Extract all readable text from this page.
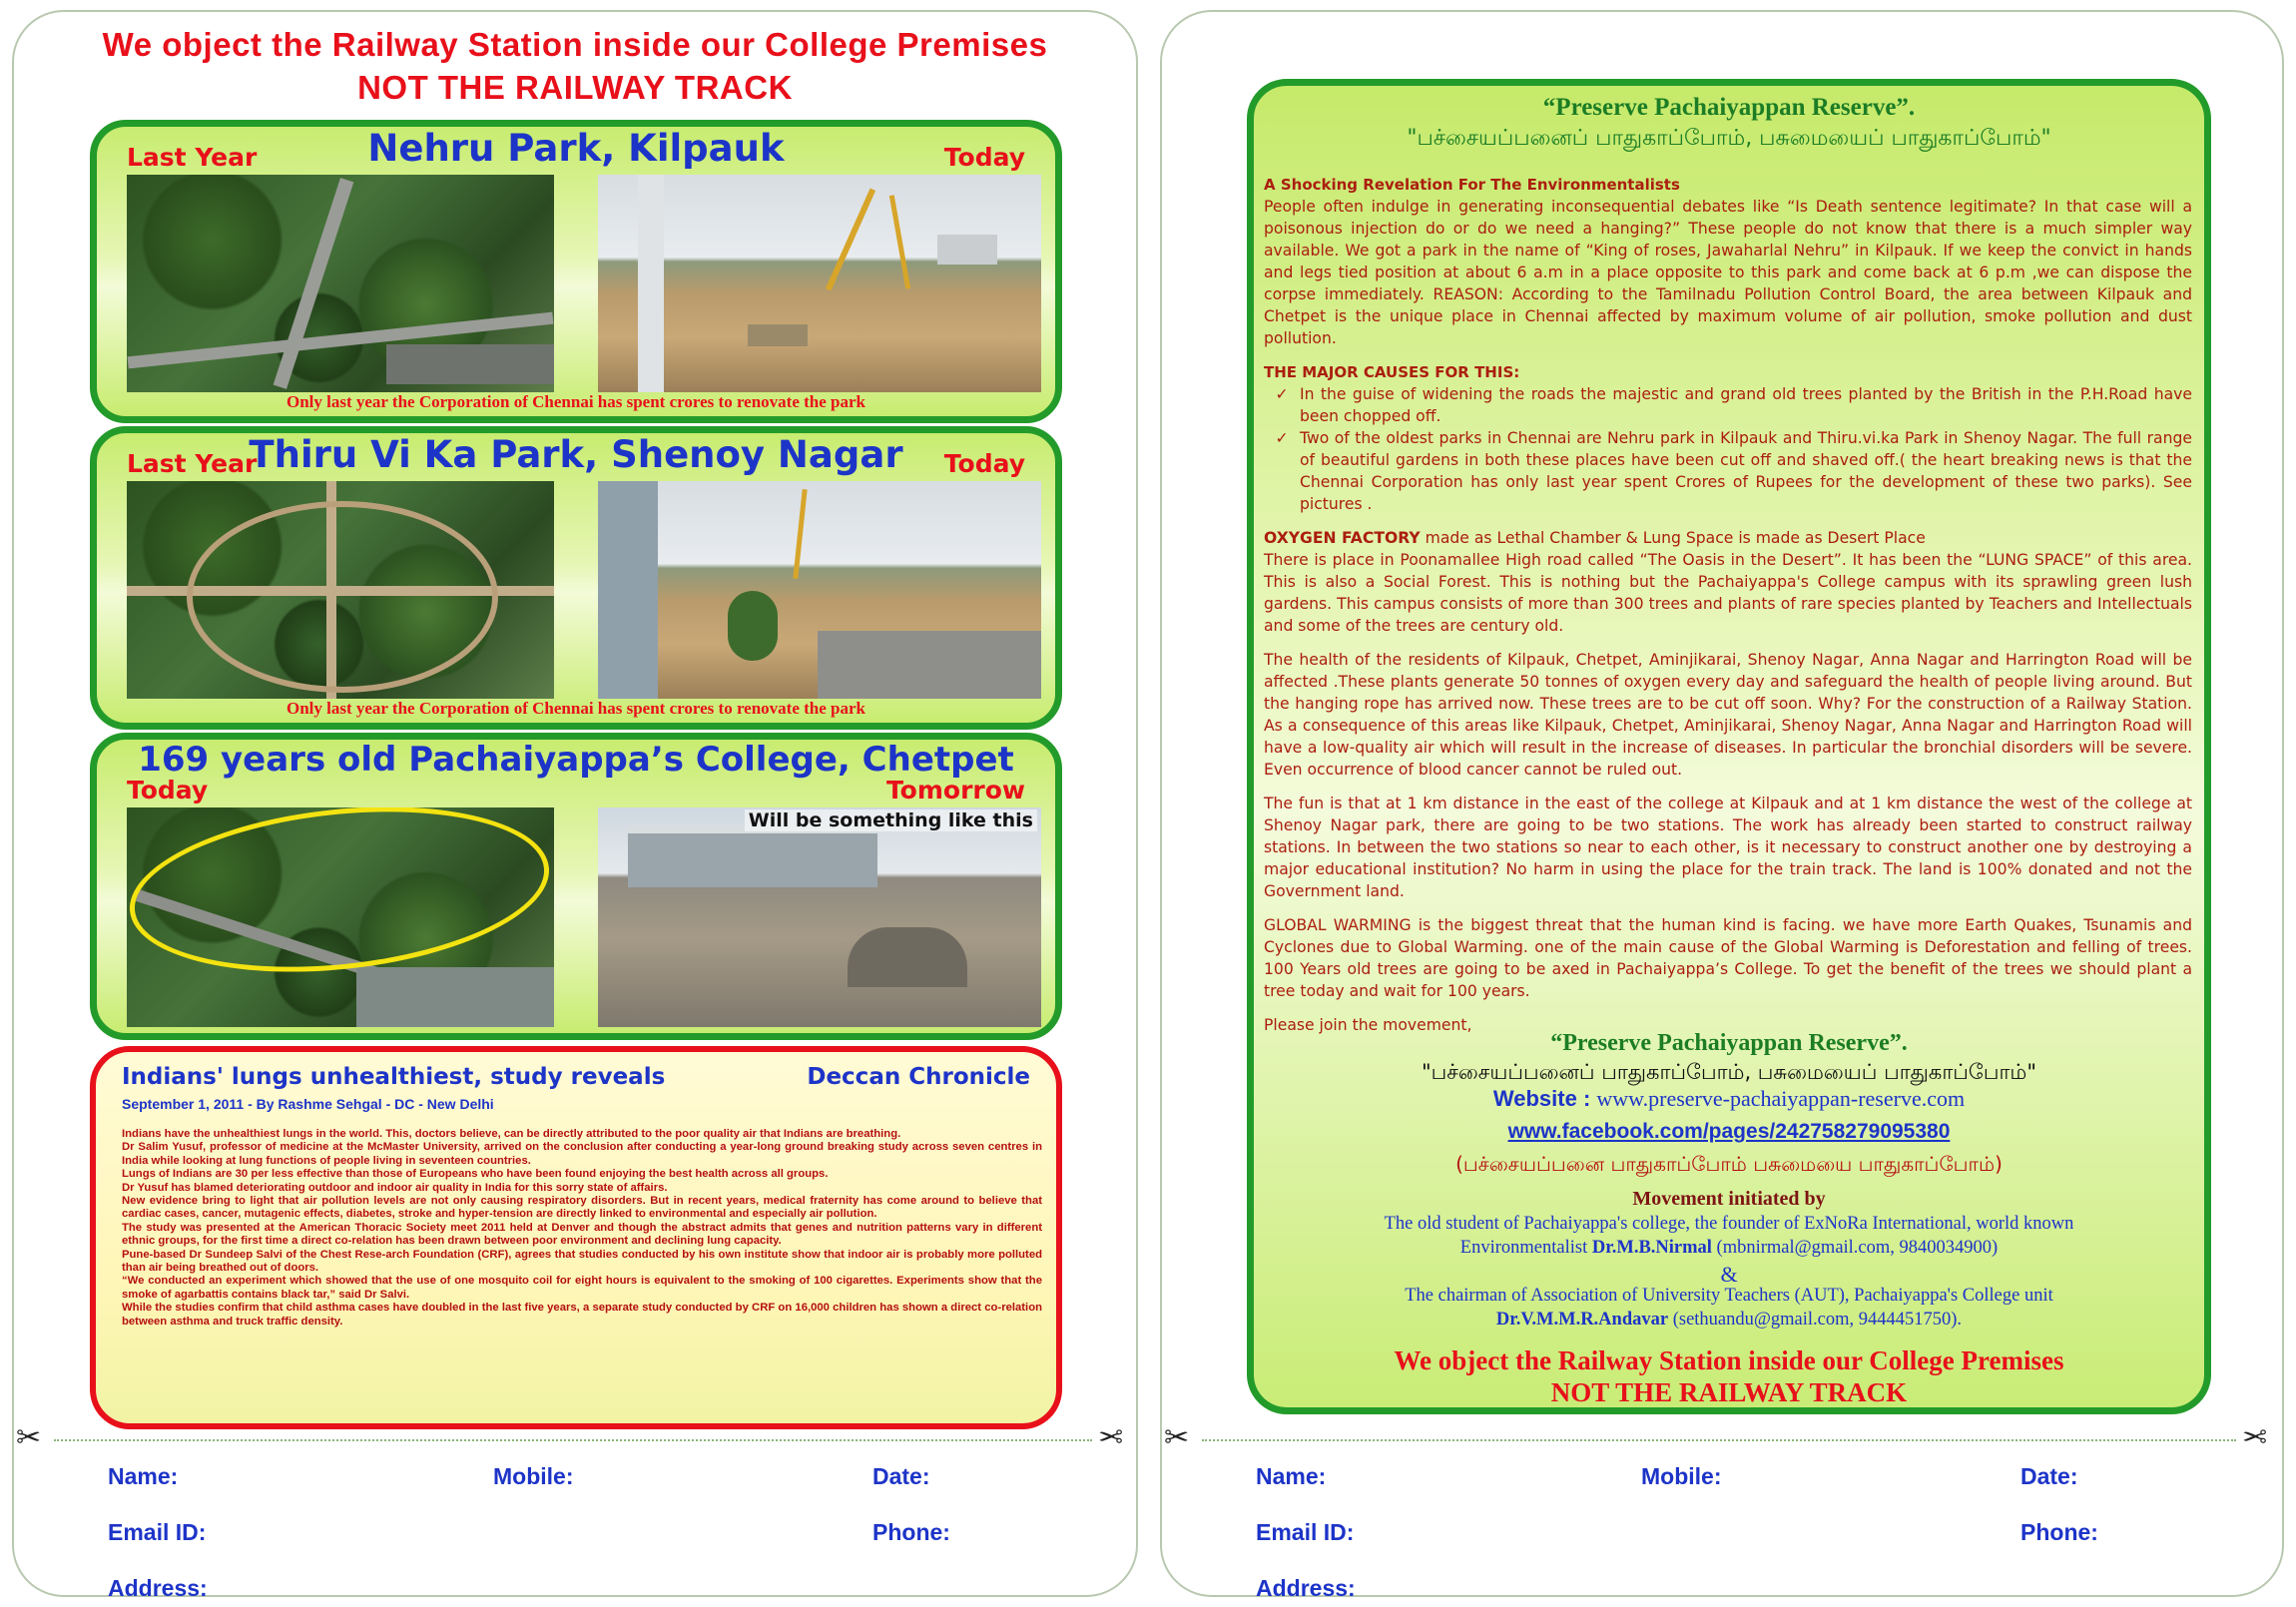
We object the Railway Station inside our College Premises
NOT THE RAILWAY TRACK
Last Year	Nehru Park, Kilpauk	Today
Only last year the Corporation of Chennai has spent crores to renovate the park
Last Year
Thiru Vi Ka Park, Shenoy Nagar	Today
Only last year the Corporation of Chennai has spent crores to renovate the park
169 years old Pachaiyappa’s College, Chetpet
Today	Tomorrow
Will be something like this
Indians' lungs unhealthiest, study reveals	Deccan Chronicle
September 1, 2011 - By Rashme Sehgal - DC - New Delhi

Indians have the unhealthiest lungs in the world. This, doctors believe, can be directly attributed to the poor quality air that Indians are breathing.

Dr Salim Yusuf, professor of medicine at the McMaster University, arrived on the conclusion after conducting a year-long ground breaking study across seven centres in India while looking at lung functions of people living in seventeen countries.

Lungs of Indians are 30 per less effective than those of Europeans who have been found enjoying the best health across all groups.

Dr Yusuf has blamed deteriorating outdoor and indoor air quality in India for this sorry state of affairs.

New evidence bring to light that air pollution levels are not only causing respiratory disorders. But in recent years, medical fraternity has come around to believe that cardiac cases, cancer, mutagenic effects, diabetes, stroke and hyper-tension are directly linked to environmental and especially air pollution.

The study was presented at the American Thoracic Society meet 2011 held at Denver and though the abstract admits that genes and nutrition patterns vary in different ethnic groups, for the first time a direct co-relation has been drawn between poor environment and declining lung capacity.

Pune-based Dr Sundeep Salvi of the Chest Rese-arch Foundation (CRF), agrees that studies conducted by his own institute show that indoor air is probably more polluted than air being breathed out of doors.

“We conducted an experiment which showed that the use of one mosquito coil for eight hours is equivalent to the smoking of 100 cigarettes. Experiments show that the smoke of agarbattis contains black tar,” said Dr Salvi.

While the studies confirm that child asthma cases have doubled in the last five years, a separate study conducted by CRF on 16,000 children has shown a direct co-relation between asthma and truck traffic density.

✂	✂
Name:	Mobile:	Date:
Email ID:	Phone:
Address:
“Preserve Pachaiyappan Reserve”.
"பச்சையப்பனைப் பாதுகாப்போம், பசுமையைப் பாதுகாப்போம்"

A Shocking Revelation For The Environmentalists

People often indulge in generating inconsequential debates like “Is Death sentence legitimate? In that case will a poisonous injection do or do we need a hanging?” These people do not know that there is a much simpler way available. We got a park in the name of “King of roses, Jawaharlal Nehru” in Kilpauk. If we keep the convict in hands and legs tied position at about 6 a.m in a place opposite to this park and come back at 6 p.m ,we can dispose the corpse immediately. REASON: According to the Tamilnadu Pollution Control Board, the area between Kilpauk and Chetpet is the unique place in Chennai affected by maximum volume of air pollution, smoke pollution and dust pollution.

THE MAJOR CAUSES FOR THIS:

✓ In the guise of widening the roads the majestic and grand old trees planted by the British in the P.H.Road have been chopped off.
✓ Two of the oldest parks in Chennai are Nehru park in Kilpauk and Thiru.vi.ka Park in Shenoy Nagar. The full range of beautiful gardens in both these places have been cut off and shaved off.( the heart breaking news is that the Chennai Corporation has only last year spent Crores of Rupees for the development of these two parks). See pictures .

OXYGEN FACTORY made as Lethal Chamber & Lung Space is made as Desert Place

There is place in Poonamallee High road called “The Oasis in the Desert”. It has been the “LUNG SPACE” of this area. This is also a Social Forest. This is nothing but the Pachaiyappa's College campus with its sprawling green lush gardens. This campus consists of more than 300 trees and plants of rare species planted by Teachers and Intellectuals and some of the trees are century old.

The health of the residents of Kilpauk, Chetpet, Aminjikarai, Shenoy Nagar, Anna Nagar and Harrington Road will be affected .These plants generate 50 tonnes of oxygen every day and safeguard the health of people living around. But the hanging rope has arrived now. These trees are to be cut off soon. Why? For the construction of a Railway Station. As a consequence of this areas like Kilpauk, Chetpet, Aminjikarai, Shenoy Nagar, Anna Nagar and Harrington Road will have a low-quality air which will result in the increase of diseases. In particular the bronchial disorders will be severe. Even occurrence of blood cancer cannot be ruled out.

The fun is that at 1 km distance in the east of the college at Kilpauk and at 1 km distance the west of the college at Shenoy Nagar park, there are going to be two stations. The work has already been started to construct railway stations. In between the two stations so near to each other, is it necessary to construct another one by destroying a major educational institution? No harm in using the place for the train track. The land is 100% donated and not the Government land.

GLOBAL WARMING is the biggest threat that the human kind is facing. we have more Earth Quakes, Tsunamis and Cyclones due to Global Warming. one of the main cause of the Global Warming is Deforestation and felling of trees. 100 Years old trees are going to be axed in Pachaiyappa’s College. To get the benefit of the trees we should plant a tree today and wait for 100 years.

Please join the movement,

“Preserve Pachaiyappan Reserve”.
"பச்சையப்பனைப் பாதுகாப்போம், பசுமையைப் பாதுகாப்போம்"
Website : www.preserve-pachaiyappan-reserve.com
www.facebook.com/pages/242758279095380
(பச்சையப்பனை பாதுகாப்போம் பசுமையை பாதுகாப்போம்)
Movement initiated by
The old student of Pachaiyappa's college, the founder of ExNoRa International, world known
Environmentalist Dr.M.B.Nirmal (mbnirmal@gmail.com, 9840034900)
&
The chairman of Association of University Teachers (AUT), Pachaiyappa's College unit
Dr.V.M.M.R.Andavar (sethuandu@gmail.com, 9444451750).
We object the Railway Station inside our College Premises
NOT THE RAILWAY TRACK
✂	✂
Name:	Mobile:	Date:
Email ID:	Phone:
Address:
